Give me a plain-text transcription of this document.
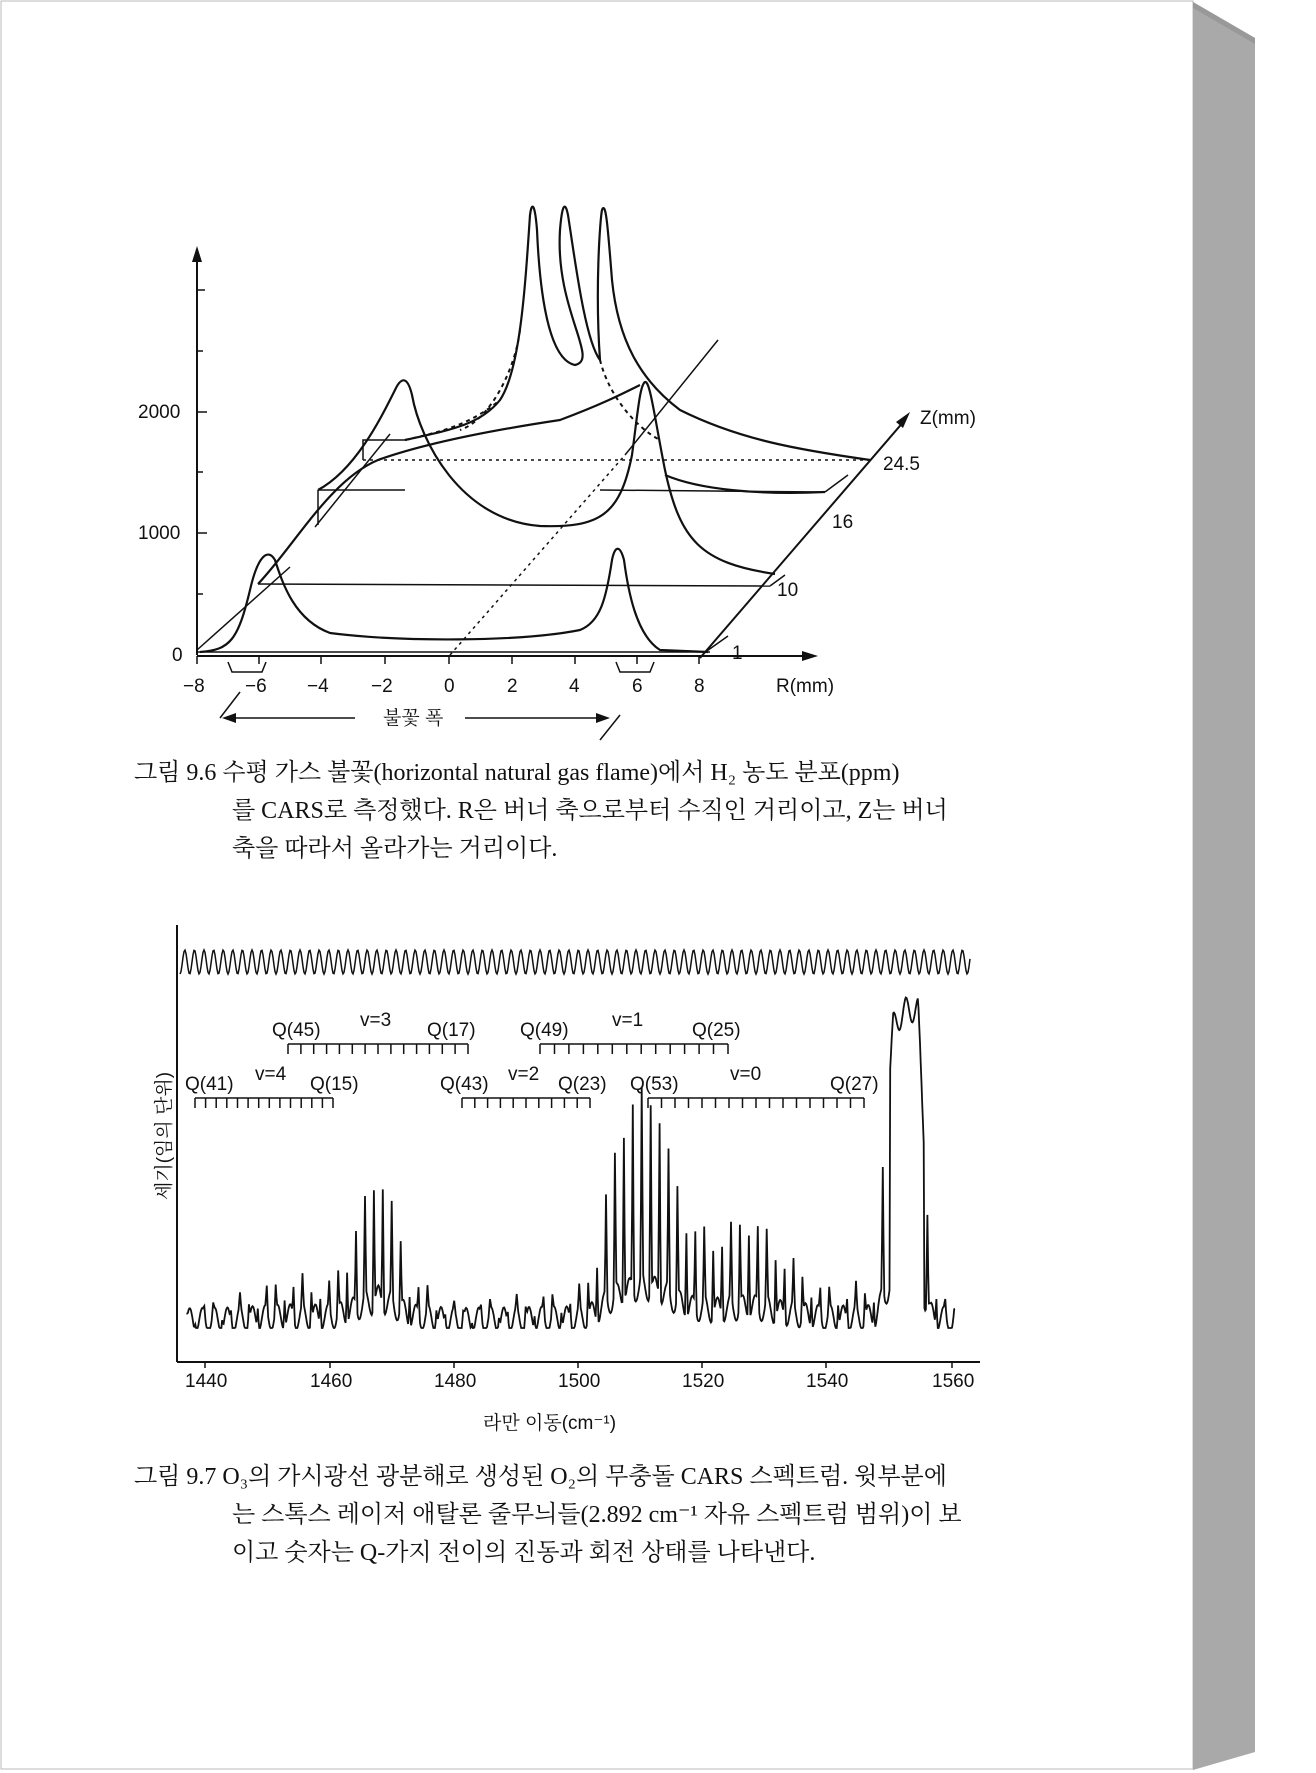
2000
1000
0
−8 −6 −4 −2	0	2	4	6	8	R(mm)
Z(mm)
24.5
16
10
1
불꽃 폭
Q(45) v=3 Q(17) Q(49) v=1	Q(25)
Q(41) v=4 Q(15)	Q(43) v=2 Q(23) Q(53)	v=0	Q(27)
1440	1460	1480	1500	1520	1540	1560
라만 이동(cm⁻¹)
세기(임의 단위)
그림 9.6 수평 가스 불꽃(horizontal natural gas flame)에서 H₂ 농도 분포(ppm)
를 CARS로 측정했다. R은 버너 축으로부터 수직인 거리이고, Z는 버너
축을 따라서 올라가는 거리이다.
그림 9.7 O₃의 가시광선 광분해로 생성된 O₂의 무충돌 CARS 스펙트럼. 윗부분에
는 스톡스 레이저 애탈론 줄무늬들(2.892 cm⁻¹ 자유 스펙트럼 범위)이 보
이고 숫자는 Q-가지 전이의 진동과 회전 상태를 나타낸다.
